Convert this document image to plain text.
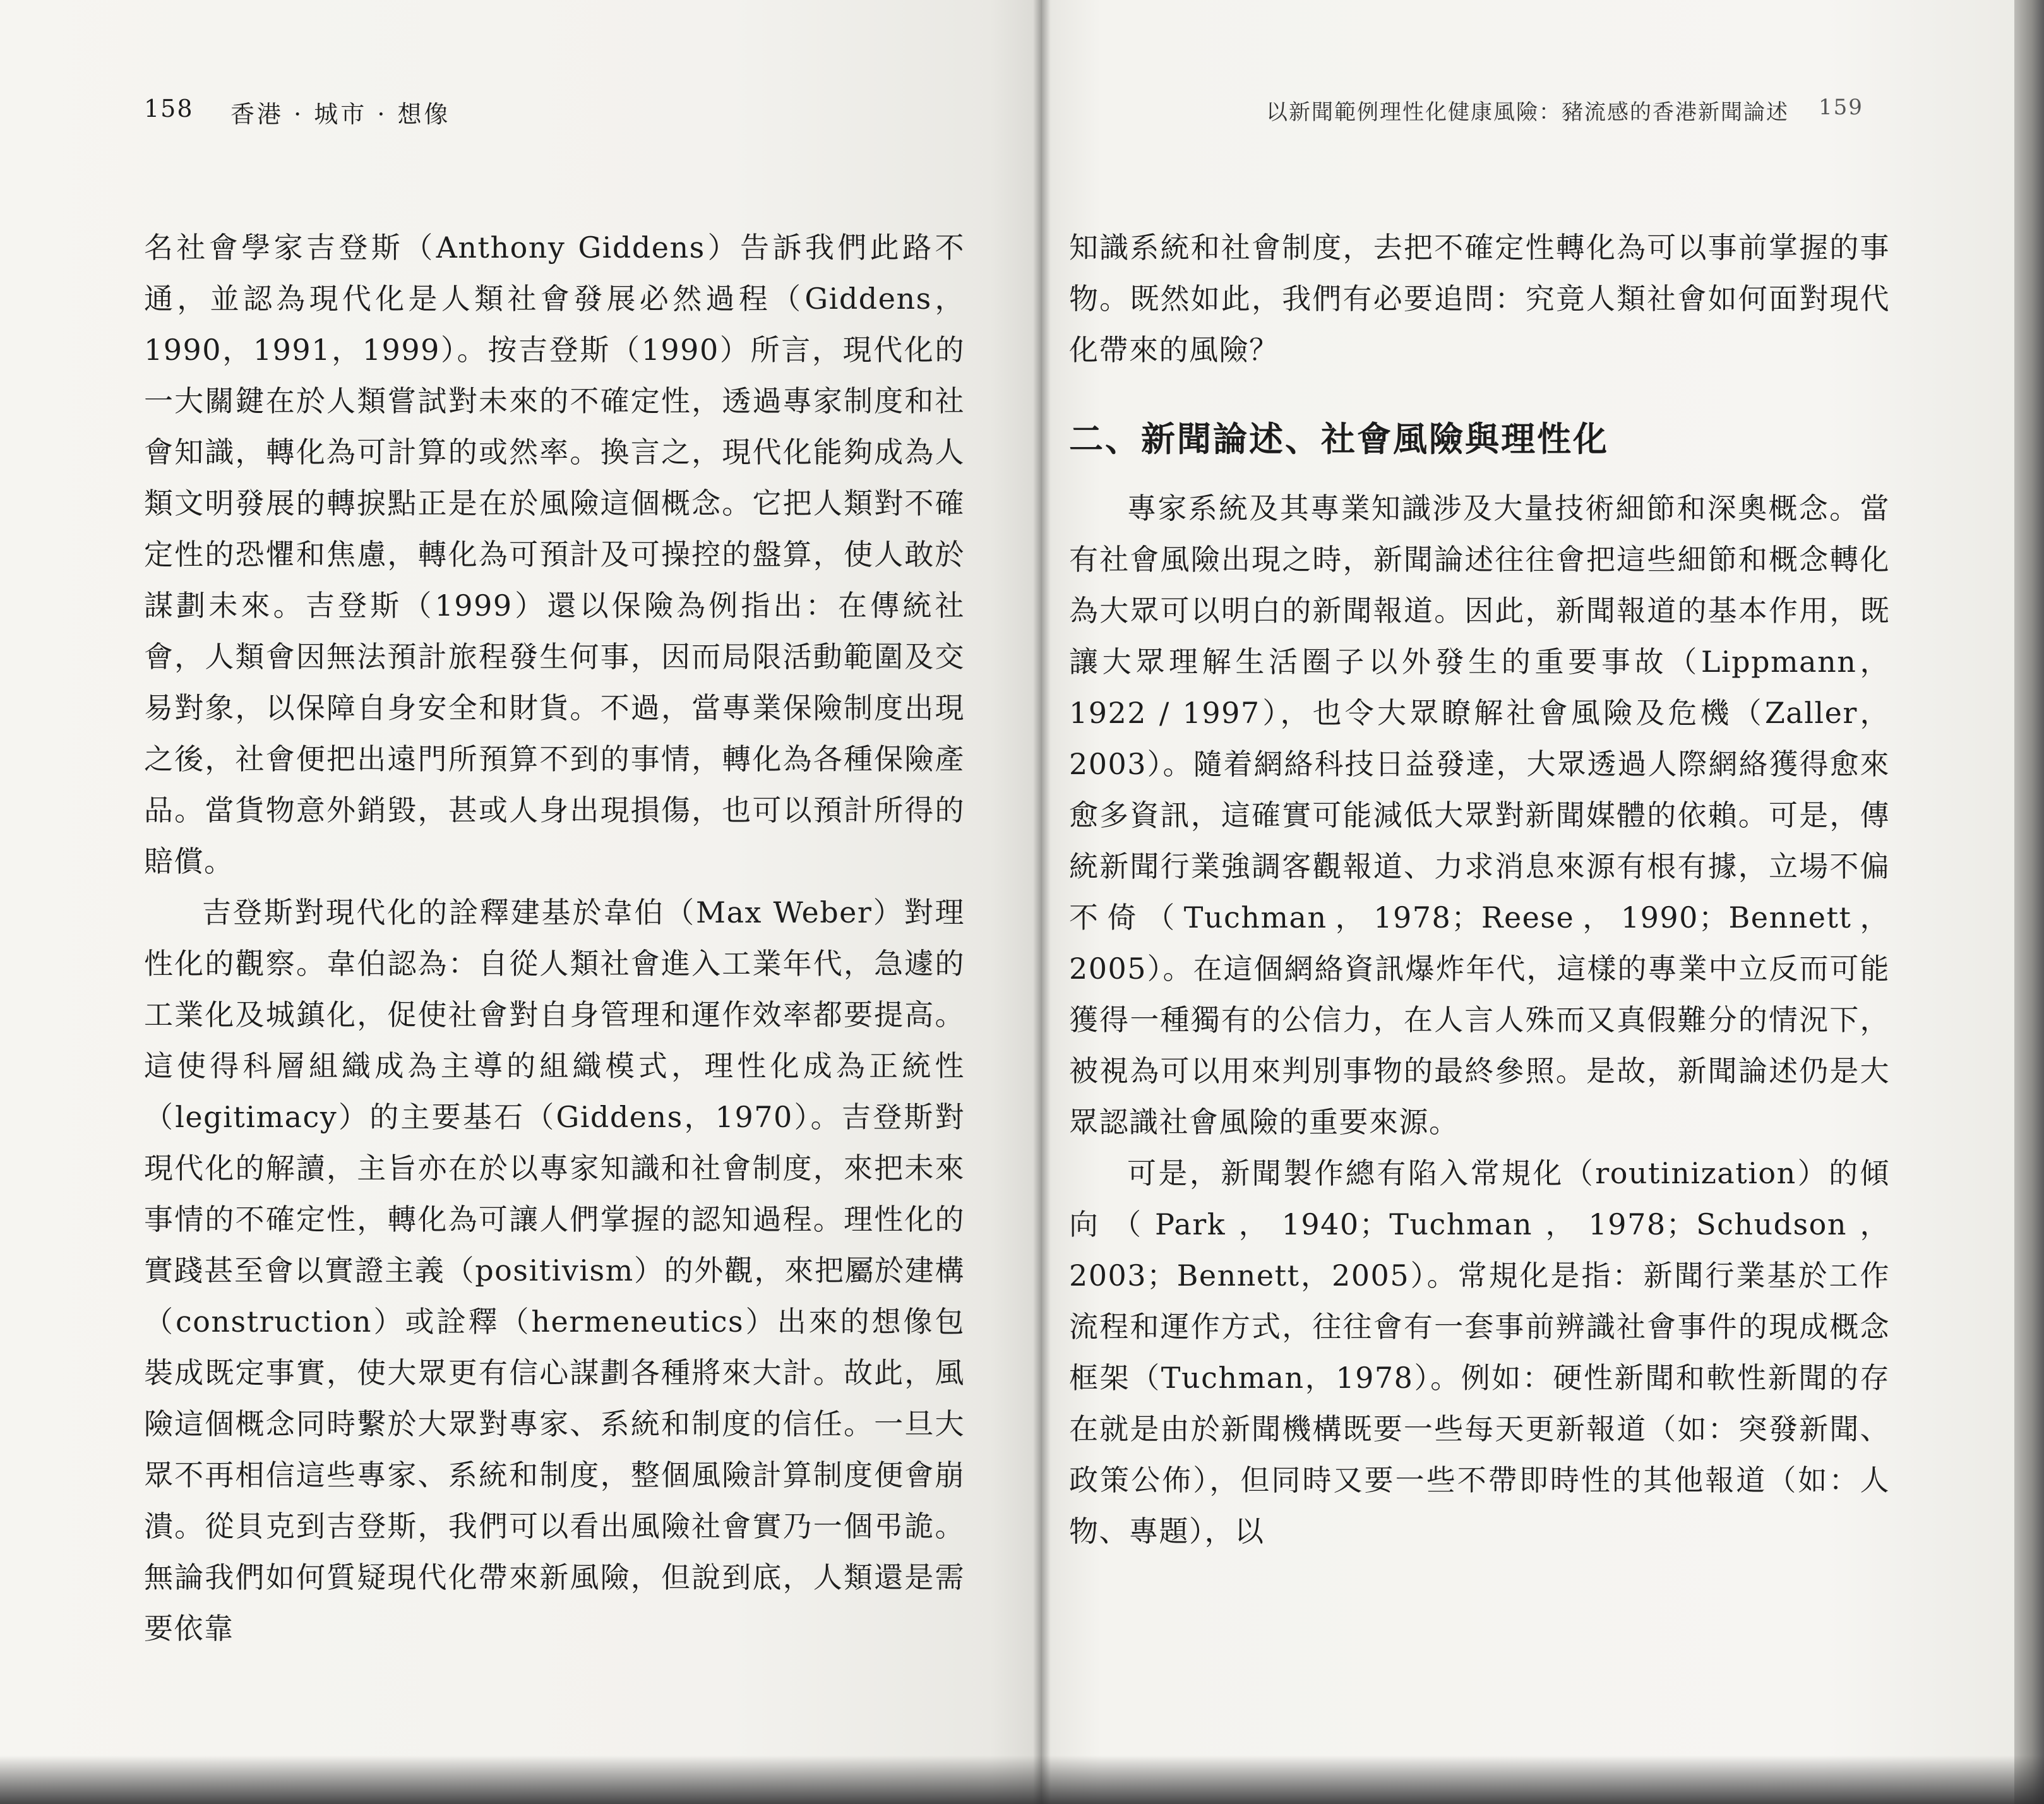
158 香港 · 城市 · 想像

名社會學家吉登斯（Anthony Giddens）告訴我們此路不通，並認為現代化是人類社會發展必然過程（Giddens，1990，1991，1999）。按吉登斯（1990）所言，現代化的一大關鍵在於人類嘗試對未來的不確定性，透過專家制度和社會知識，轉化為可計算的或然率。換言之，現代化能夠成為人類文明發展的轉捩點正是在於風險這個概念。它把人類對不確定性的恐懼和焦慮，轉化為可預計及可操控的盤算，使人敢於謀劃未來。吉登斯（1999）還以保險為例指出：在傳統社會，人類會因無法預計旅程發生何事，因而局限活動範圍及交易對象，以保障自身安全和財貨。不過，當專業保險制度出現之後，社會便把出遠門所預算不到的事情，轉化為各種保險產品。當貨物意外銷毀，甚或人身出現損傷，也可以預計所得的賠償。

吉登斯對現代化的詮釋建基於韋伯（Max Weber）對理性化的觀察。韋伯認為：自從人類社會進入工業年代，急遽的工業化及城鎮化，促使社會對自身管理和運作效率都要提高。這使得科層組織成為主導的組織模式，理性化成為正統性（legitimacy）的主要基石（Giddens，1970）。吉登斯對現代化的解讀，主旨亦在於以專家知識和社會制度，來把未來事情的不確定性，轉化為可讓人們掌握的認知過程。理性化的實踐甚至會以實證主義（positivism）的外觀，來把屬於建構（construction）或詮釋（hermeneutics）出來的想像包裝成既定事實，使大眾更有信心謀劃各種將來大計。故此，風險這個概念同時繫於大眾對專家、系統和制度的信任。一旦大眾不再相信這些專家、系統和制度，整個風險計算制度便會崩潰。從貝克到吉登斯，我們可以看出風險社會實乃一個弔詭。無論我們如何質疑現代化帶來新風險，但說到底，人類還是需要依靠

以新聞範例理性化健康風險：豬流感的香港新聞論述 159

知識系統和社會制度，去把不確定性轉化為可以事前掌握的事物。既然如此，我們有必要追問：究竟人類社會如何面對現代化帶來的風險？

二、新聞論述、社會風險與理性化

專家系統及其專業知識涉及大量技術細節和深奧概念。當有社會風險出現之時，新聞論述往往會把這些細節和概念轉化為大眾可以明白的新聞報道。因此，新聞報道的基本作用，既讓大眾理解生活圈子以外發生的重要事故（Lippmann，1922 / 1997），也令大眾瞭解社會風險及危機（Zaller，2003）。隨着網絡科技日益發達，大眾透過人際網絡獲得愈來愈多資訊，這確實可能減低大眾對新聞媒體的依賴。可是，傳統新聞行業強調客觀報道、力求消息來源有根有據，立場不偏不倚（Tuchman，1978；Reese，1990；Bennett，2005）。在這個網絡資訊爆炸年代，這樣的專業中立反而可能獲得一種獨有的公信力，在人言人殊而又真假難分的情況下，被視為可以用來判別事物的最終參照。是故，新聞論述仍是大眾認識社會風險的重要來源。

可是，新聞製作總有陷入常規化（routinization）的傾向（Park，1940；Tuchman，1978；Schudson，2003；Bennett，2005）。常規化是指：新聞行業基於工作流程和運作方式，往往會有一套事前辨識社會事件的現成概念框架（Tuchman，1978）。例如：硬性新聞和軟性新聞的存在就是由於新聞機構既要一些每天更新報道（如：突發新聞、政策公佈），但同時又要一些不帶即時性的其他報道（如：人物、專題），以
